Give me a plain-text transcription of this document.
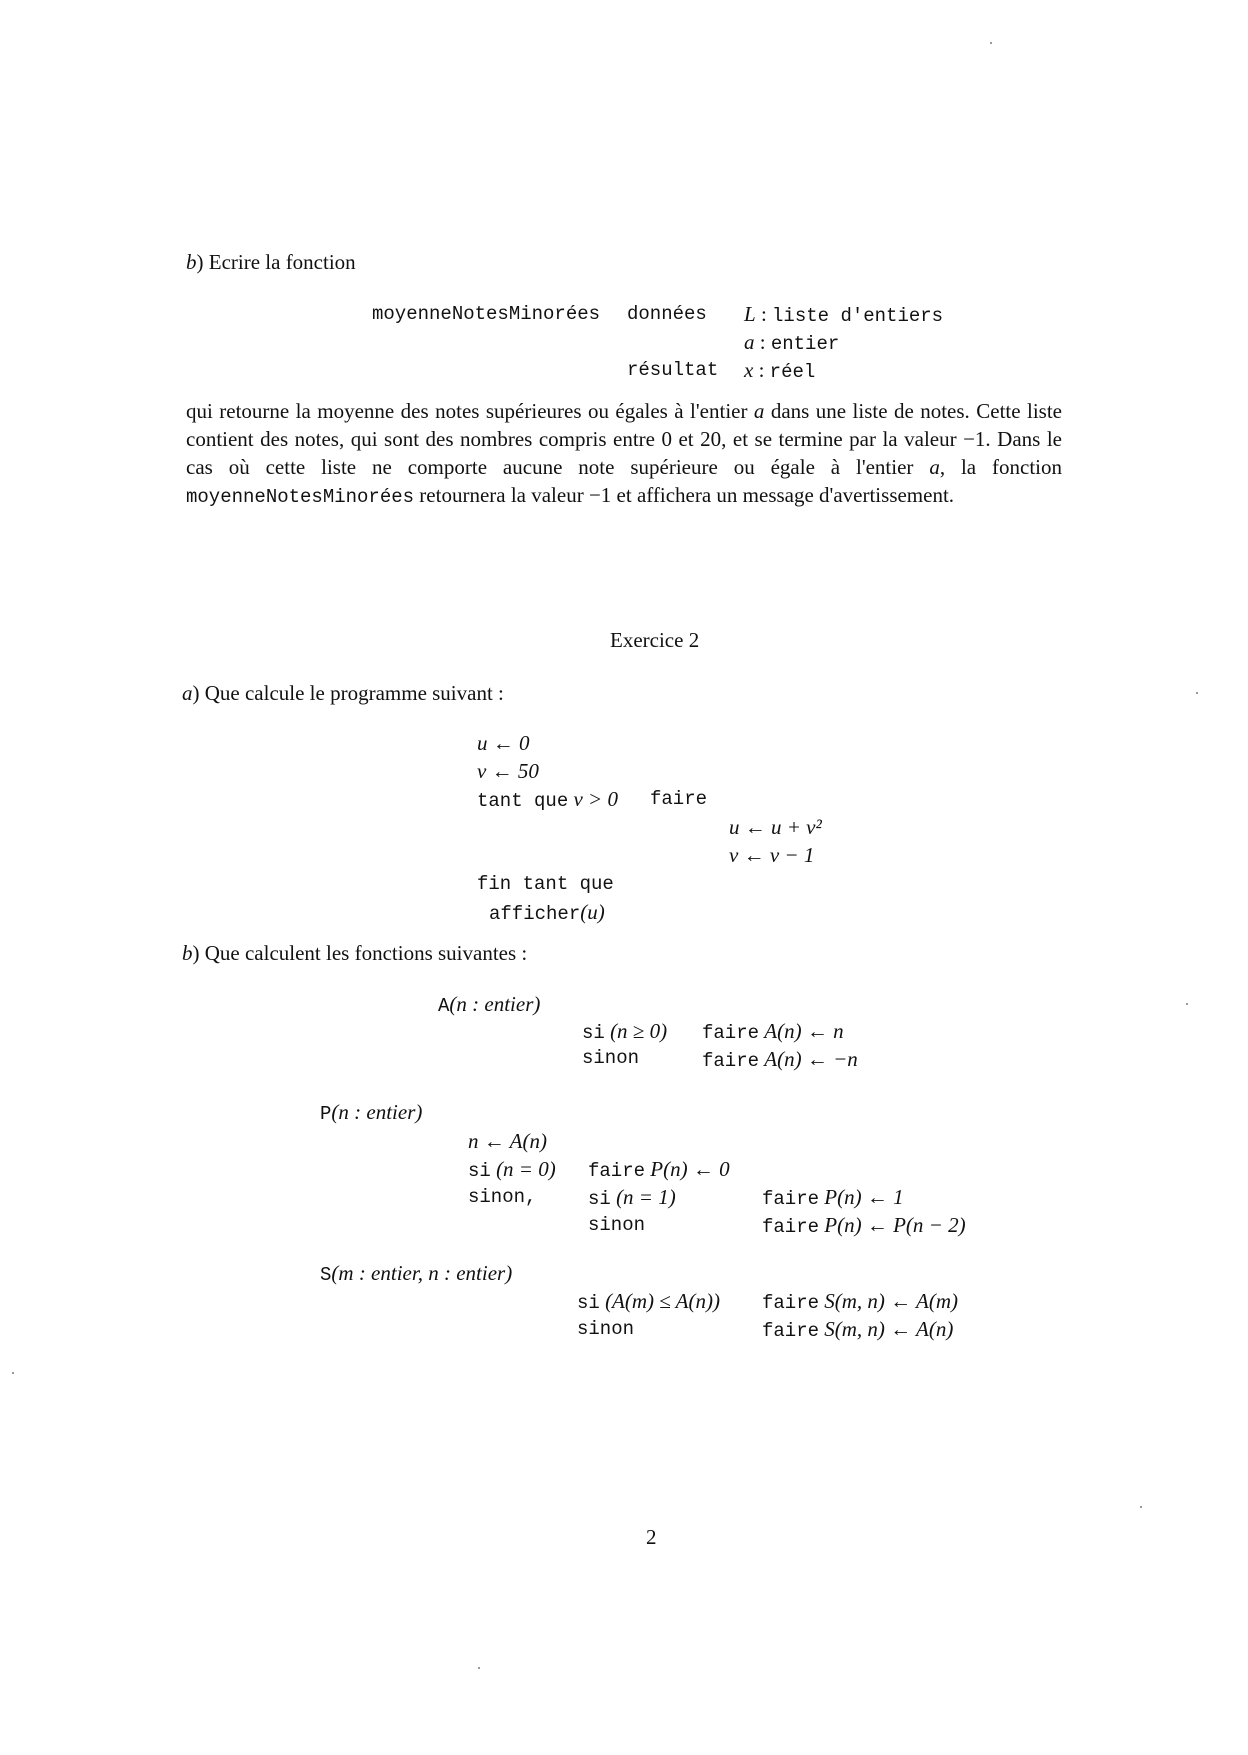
b) Ecrire la fonction
moyenneNotesMinorées données L : liste d'entiers
a : entier
résultat x : réel
qui retourne la moyenne des notes supérieures ou égales à l'entier a dans une liste de notes. Cette liste contient des notes, qui sont des nombres compris entre 0 et 20, et se termine par la valeur −1. Dans le cas où cette liste ne comporte aucune note supérieure ou égale à l'entier a, la fonction moyenneNotesMinorées retournera la valeur −1 et affichera un message d'avertissement.
Exercice 2
a) Que calcule le programme suivant :
u ← 0
v ← 50
tant que v > 0 faire
u ← u + v²
v ← v − 1
fin tant que
afficher(u)
b) Que calculent les fonctions suivantes :
A(n : entier)
si (n ≥ 0) faire A(n) ← n
sinon	faire A(n) ← −n
P(n : entier)
n ← A(n)
si (n = 0) faire P(n) ← 0
sinon,	si (n = 1)	faire P(n) ← 1
sinon	faire P(n) ← P(n − 2)
S(m : entier, n : entier)
si (A(m) ≤ A(n)) faire S(m, n) ← A(m)
sinon	faire S(m, n) ← A(n)
2
